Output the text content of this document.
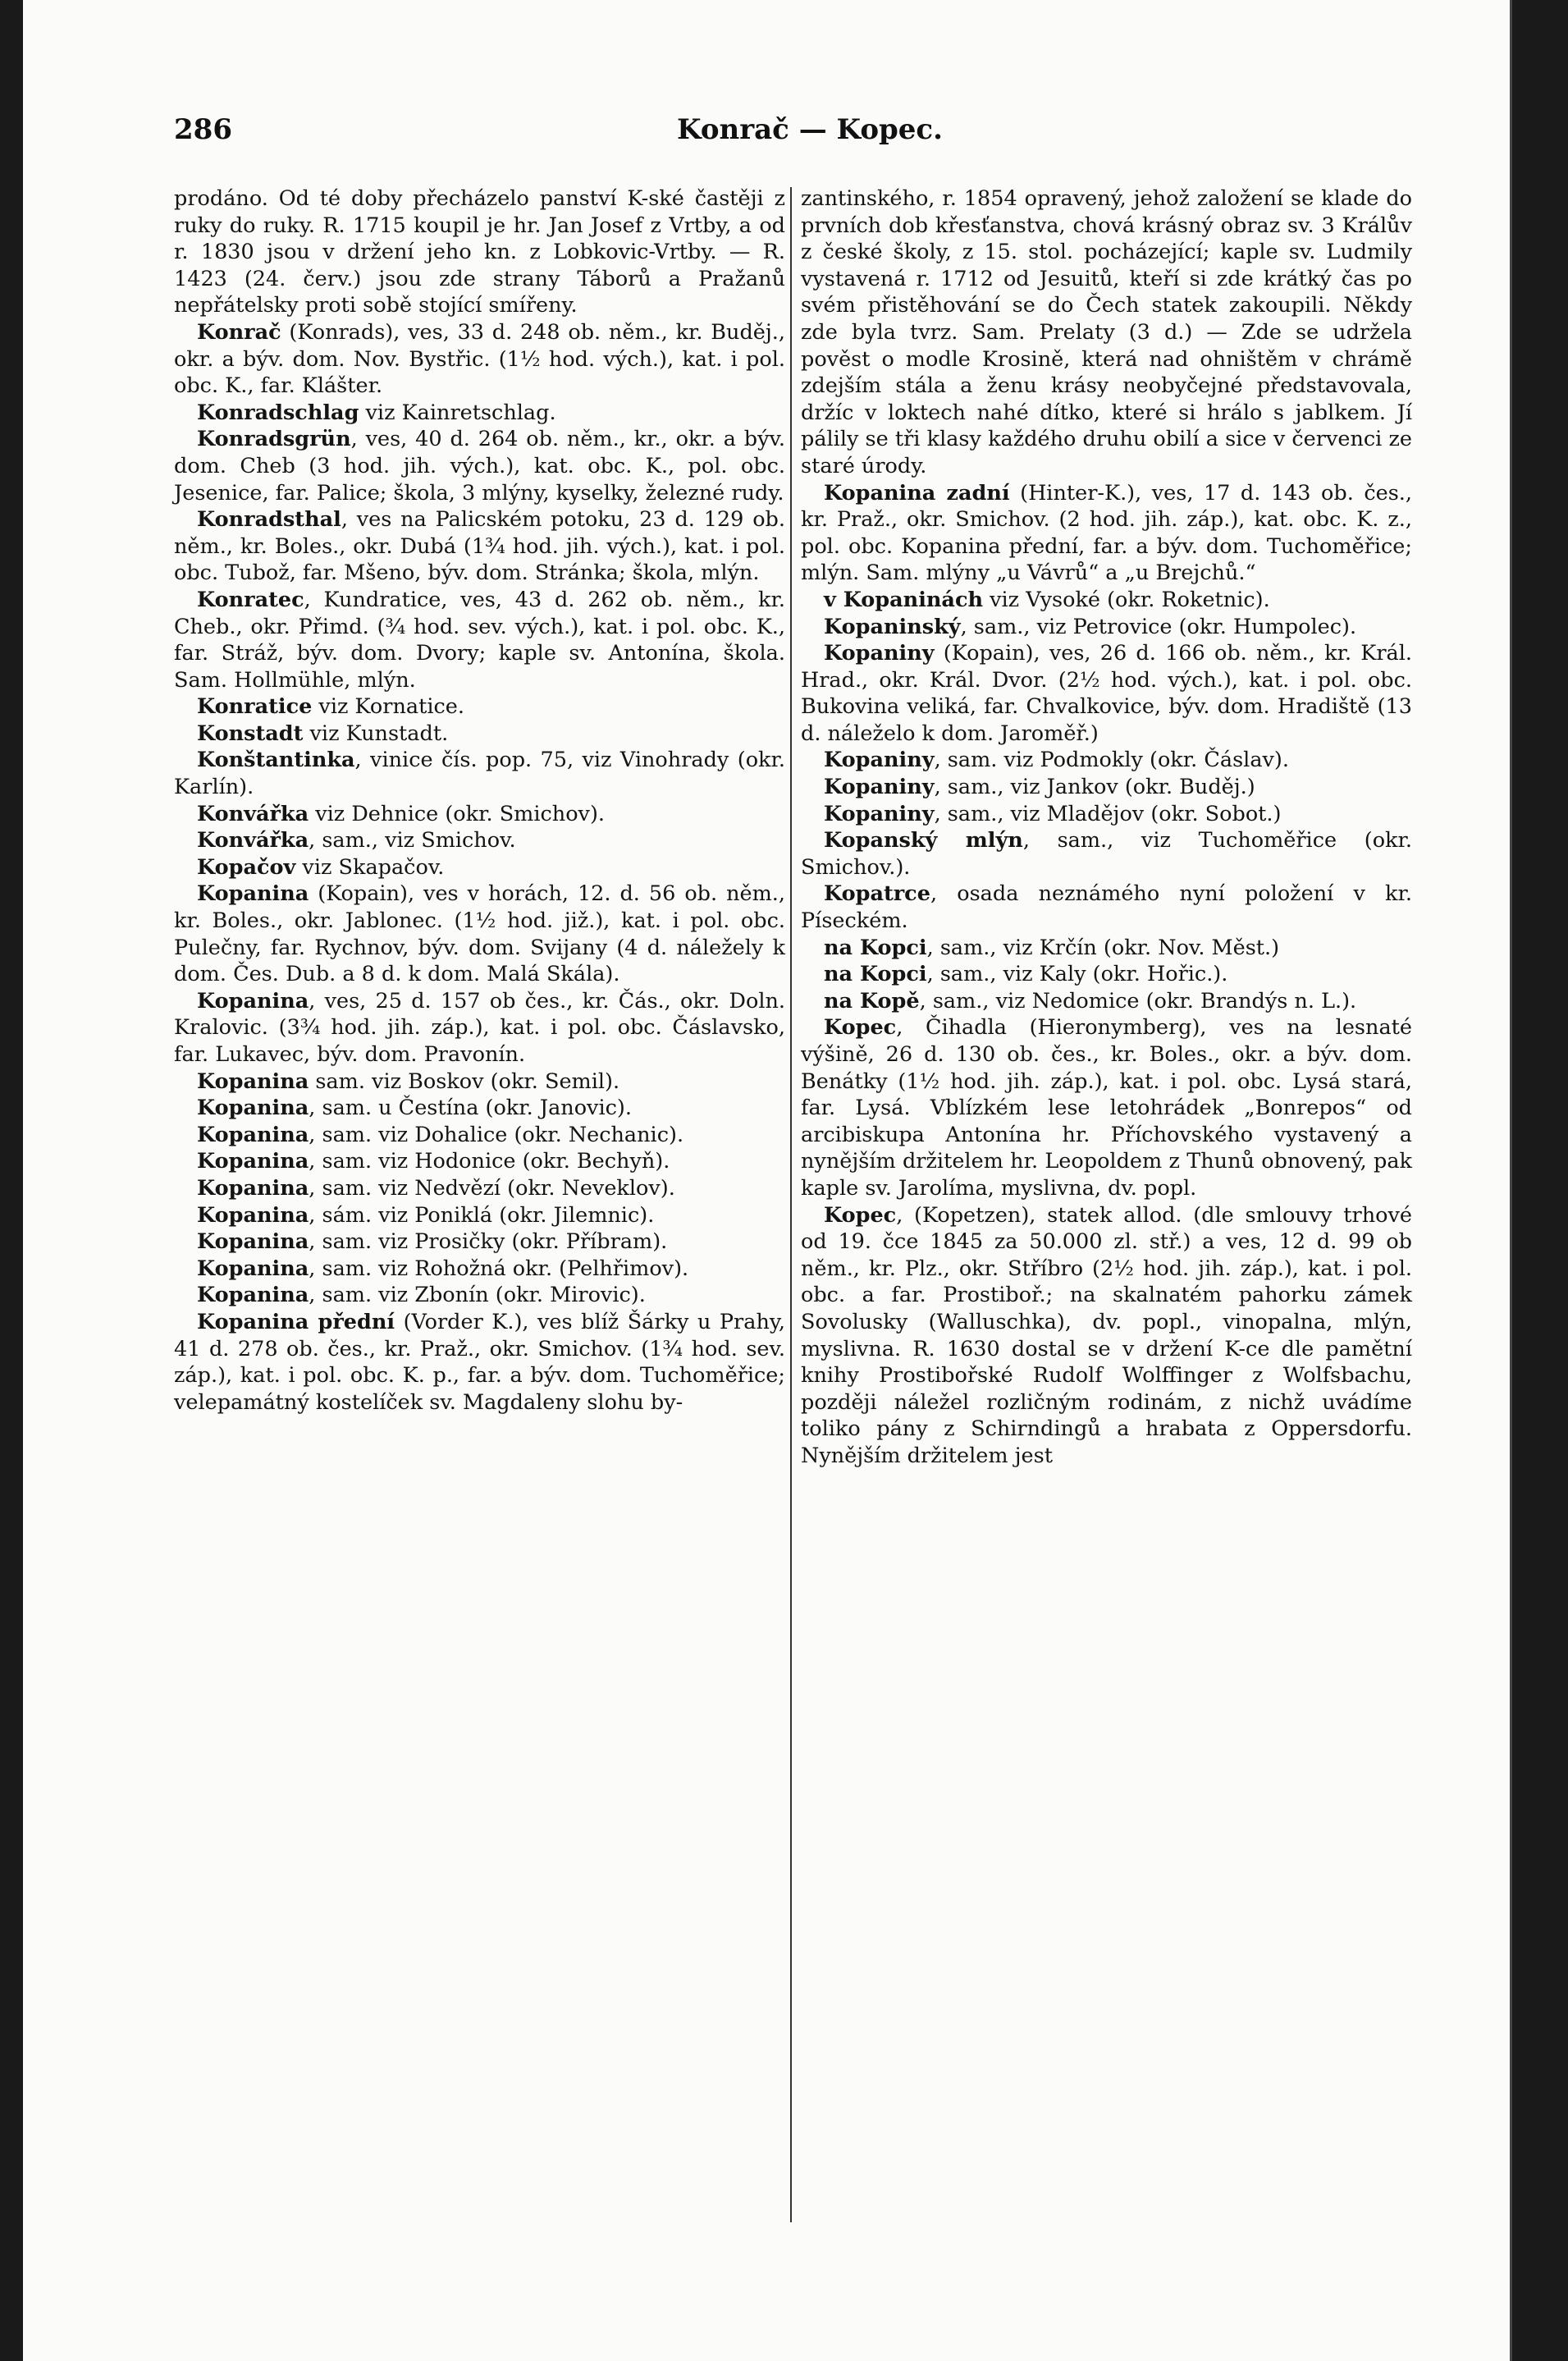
286	Konrač — Kopec.

prodáno. Od té doby přecházelo panství K-ské častěji z ruky do ruky. R. 1715 koupil je hr. Jan Josef z Vrtby, a od r. 1830 jsou v držení jeho kn. z Lobkovic-Vrtby. — R. 1423 (24. červ.) jsou zde strany Táborů a Pražanů nepřátelsky proti sobě stojící smířeny.

Konrač (Konrads), ves, 33 d. 248 ob. něm., kr. Buděj., okr. a býv. dom. Nov. Bystřic. (1½ hod. vých.), kat. i pol. obc. K., far. Klášter.

Konradschlag viz Kainretschlag.

Konradsgrün, ves, 40 d. 264 ob. něm., kr., okr. a býv. dom. Cheb (3 hod. jih. vých.), kat. obc. K., pol. obc. Jesenice, far. Palice; škola, 3 mlýny, kyselky, železné rudy.

Konradsthal, ves na Palicském potoku, 23 d. 129 ob. něm., kr. Boles., okr. Dubá (1¾ hod. jih. vých.), kat. i pol. obc. Tubož, far. Mšeno, býv. dom. Stránka; škola, mlýn.

Konratec, Kundratice, ves, 43 d. 262 ob. něm., kr. Cheb., okr. Přimd. (¾ hod. sev. vých.), kat. i pol. obc. K., far. Stráž, býv. dom. Dvory; kaple sv. Antonína, škola. Sam. Hollmühle, mlýn.

Konratice viz Kornatice.

Konstadt viz Kunstadt.

Konštantinka, vinice čís. pop. 75, viz Vinohrady (okr. Karlín).

Konvářka viz Dehnice (okr. Smichov).

Konvářka, sam., viz Smichov.

Kopačov viz Skapačov.

Kopanina (Kopain), ves v horách, 12. d. 56 ob. něm., kr. Boles., okr. Jablonec. (1½ hod. již.), kat. i pol. obc. Pulečny, far. Rychnov, býv. dom. Svijany (4 d. náležely k dom. Čes. Dub. a 8 d. k dom. Malá Skála).

Kopanina, ves, 25 d. 157 ob čes., kr. Čás., okr. Doln. Kralovic. (3¾ hod. jih. záp.), kat. i pol. obc. Čáslavsko, far. Lukavec, býv. dom. Pravonín.

Kopanina sam. viz Boskov (okr. Semil).

Kopanina, sam. u Čestína (okr. Janovic).

Kopanina, sam. viz Dohalice (okr. Nechanic).

Kopanina, sam. viz Hodonice (okr. Bechyň).

Kopanina, sam. viz Nedvězí (okr. Neveklov).

Kopanina, sám. viz Poniklá (okr. Jilemnic).

Kopanina, sam. viz Prosičky (okr. Příbram).

Kopanina, sam. viz Rohožná okr. (Pelhřimov).

Kopanina, sam. viz Zbonín (okr. Mirovic).

Kopanina přední (Vorder K.), ves blíž Šárky u Prahy, 41 d. 278 ob. čes., kr. Praž., okr. Smichov. (1¾ hod. sev. záp.), kat. i pol. obc. K. p., far. a býv. dom. Tuchoměřice; velepamátný kostelíček sv. Magdaleny slohu by-

zantinského, r. 1854 opravený, jehož založení se klade do prvních dob křesťanstva, chová krásný obraz sv. 3 Králův z české školy, z 15. stol. pocházející; kaple sv. Ludmily vystavená r. 1712 od Jesuitů, kteří si zde krátký čas po svém přistěhování se do Čech statek zakoupili. Někdy zde byla tvrz. Sam. Prelaty (3 d.) — Zde se udržela pověst o modle Krosině, která nad ohništěm v chrámě zdejším stála a ženu krásy neobyčejné představovala, držíc v loktech nahé dítko, které si hrálo s jablkem. Jí pálily se tři klasy každého druhu obilí a sice v červenci ze staré úrody.

Kopanina zadní (Hinter-K.), ves, 17 d. 143 ob. čes., kr. Praž., okr. Smichov. (2 hod. jih. záp.), kat. obc. K. z., pol. obc. Kopanina přední, far. a býv. dom. Tuchoměřice; mlýn. Sam. mlýny „u Vávrů“ a „u Brejchů.“

v Kopaninách viz Vysoké (okr. Roketnic).

Kopaninský, sam., viz Petrovice (okr. Humpolec).

Kopaniny (Kopain), ves, 26 d. 166 ob. něm., kr. Král. Hrad., okr. Král. Dvor. (2½ hod. vých.), kat. i pol. obc. Bukovina veliká, far. Chvalkovice, býv. dom. Hradiště (13 d. náleželo k dom. Jaroměř.)

Kopaniny, sam. viz Podmokly (okr. Čáslav).

Kopaniny, sam., viz Jankov (okr. Buděj.)

Kopaniny, sam., viz Mladějov (okr. Sobot.)

Kopanský mlýn, sam., viz Tuchoměřice (okr. Smichov.).

Kopatrce, osada neznámého nyní položení v kr. Píseckém.

na Kopci, sam., viz Krčín (okr. Nov. Měst.)

na Kopci, sam., viz Kaly (okr. Hořic.).

na Kopě, sam., viz Nedomice (okr. Brandýs n. L.).

Kopec, Čihadla (Hieronymberg), ves na lesnaté výšině, 26 d. 130 ob. čes., kr. Boles., okr. a býv. dom. Benátky (1½ hod. jih. záp.), kat. i pol. obc. Lysá stará, far. Lysá. Vblízkém lese letohrádek „Bonrepos“ od arcibiskupa Antonína hr. Příchovského vystavený a nynějším držitelem hr. Leopoldem z Thunů obnovený, pak kaple sv. Jarolíma, myslivna, dv. popl.

Kopec, (Kopetzen), statek allod. (dle smlouvy trhové od 19. čce 1845 za 50.000 zl. stř.) a ves, 12 d. 99 ob něm., kr. Plz., okr. Stříbro (2½ hod. jih. záp.), kat. i pol. obc. a far. Prostiboř.; na skalnatém pahorku zámek Sovolusky (Walluschka), dv. popl., vinopalna, mlýn, myslivna. R. 1630 dostal se v držení K-ce dle pamětní knihy Prostibořské Rudolf Wolffinger z Wolfsbachu, později náležel rozličným rodinám, z nichž uvádíme toliko pány z Schirndingů a hrabata z Oppersdorfu. Nynějším držitelem jest
